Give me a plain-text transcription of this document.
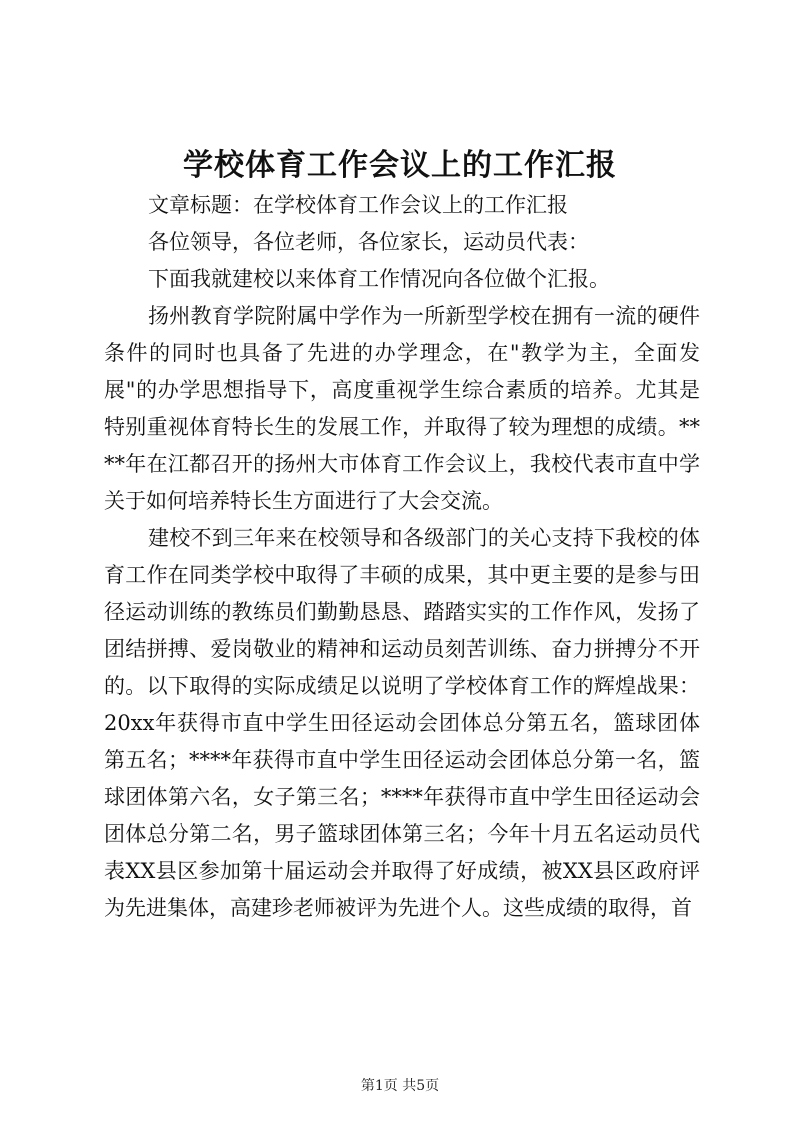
学校体育工作会议上的工作汇报

文章标题：在学校体育工作会议上的工作汇报

各位领导，各位老师，各位家长，运动员代表：

下面我就建校以来体育工作情况向各位做个汇报。

扬州教育学院附属中学作为一所新型学校在拥有一流的硬件条件的同时也具备了先进的办学理念，在"教学为主，全面发展"的办学思想指导下，高度重视学生综合素质的培养。尤其是特别重视体育特长生的发展工作，并取得了较为理想的成绩。****年在江都召开的扬州大市体育工作会议上，我校代表市直中学关于如何培养特长生方面进行了大会交流。

建校不到三年来在校领导和各级部门的关心支持下我校的体育工作在同类学校中取得了丰硕的成果，其中更主要的是参与田径运动训练的教练员们勤勤恳恳、踏踏实实的工作作风，发扬了团结拼搏、爱岗敬业的精神和运动员刻苦训练、奋力拼搏分不开的。以下取得的实际成绩足以说明了学校体育工作的辉煌战果：20xx年获得市直中学生田径运动会团体总分第五名，篮球团体第五名；****年获得市直中学生田径运动会团体总分第一名，篮球团体第六名，女子第三名；****年获得市直中学生田径运动会团体总分第二名，男子篮球团体第三名；今年十月五名运动员代表XX县区参加第十届运动会并取得了好成绩，被XX县区政府评为先进集体，高建珍老师被评为先进个人。这些成绩的取得，首

第1页 共5页
